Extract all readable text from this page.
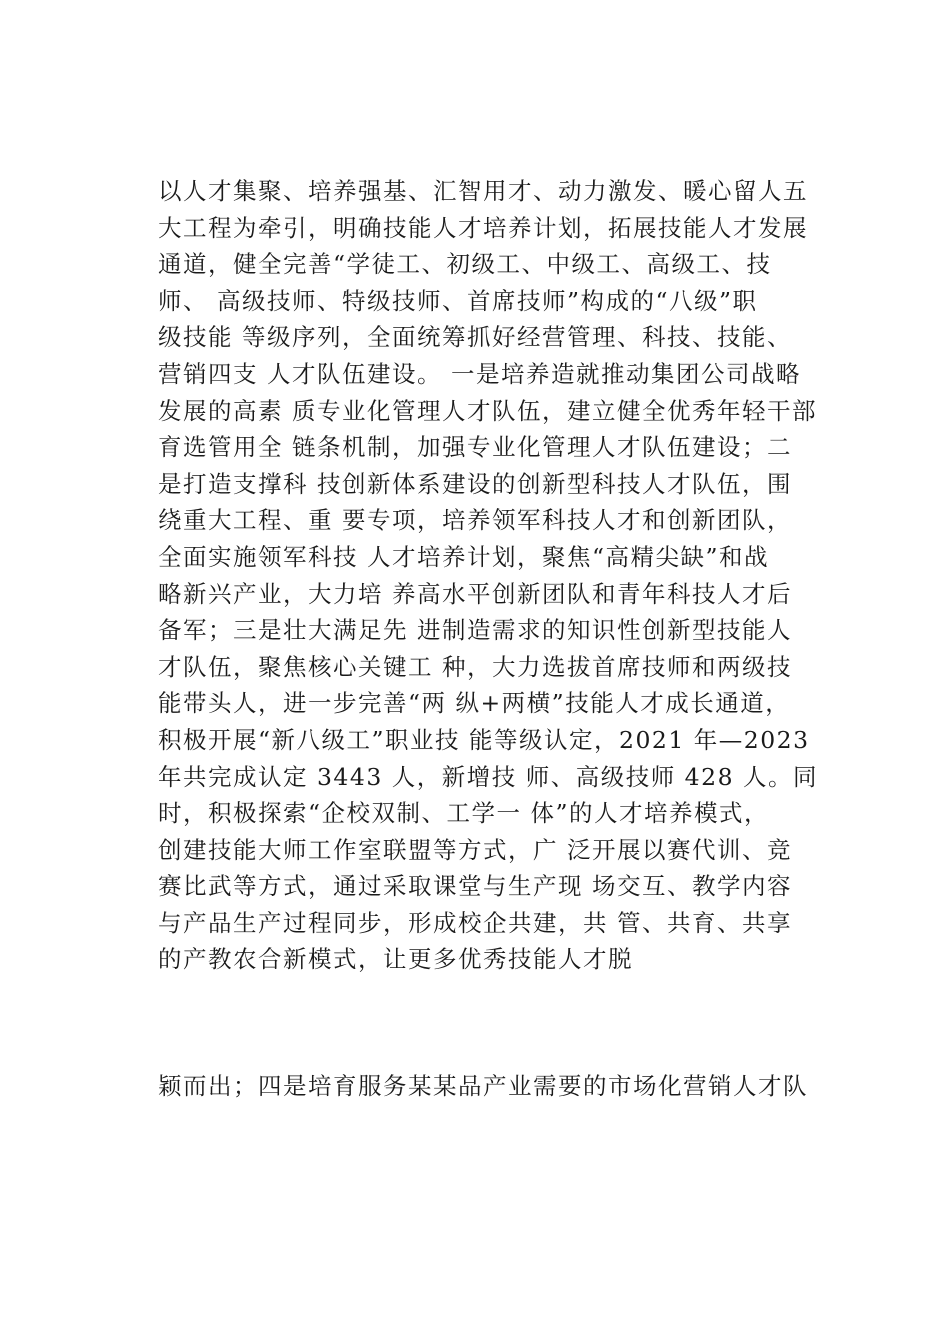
以人才集聚、培养强基、汇智用才、动力激发、暖心留人五
大工程为牵引，明确技能人才培养计划，拓展技能人才发展
通道，健全完善“学徒工、初级工、中级工、高级工、技
师、 高级技师、特级技师、首席技师”构成的“八级”职
级技能 等级序列，全面统筹抓好经营管理、科技、技能、
营销四支 人才队伍建设。 一是培养造就推动集团公司战略
发展的高素 质专业化管理人才队伍，建立健全优秀年轻干部
育选管用全 链条机制，加强专业化管理人才队伍建设；二
是打造支撑科 技创新体系建设的创新型科技人才队伍，围
绕重大工程、重 要专项，培养领军科技人才和创新团队，
全面实施领军科技 人才培养计划，聚焦“高精尖缺”和战
略新兴产业，大力培 养高水平创新团队和青年科技人才后
备军；三是壮大满足先 进制造需求的知识性创新型技能人
才队伍，聚焦核心关键工 种，大力选拔首席技师和两级技
能带头人，进一步完善“两 纵+两横”技能人才成长通道，
积极开展“新八级工”职业技 能等级认定，2021 年—2023
年共完成认定 3443 人，新增技 师、高级技师 428 人。同
时，积极探索“企校双制、工学一 体”的人才培养模式，
创建技能大师工作室联盟等方式，广 泛开展以赛代训、竞
赛比武等方式，通过采取课堂与生产现 场交互、教学内容
与产品生产过程同步，形成校企共建，共 管、共育、共享
的产教农合新模式，让更多优秀技能人才脱
颖而出；四是培育服务某某品产业需要的市场化营销人才队
